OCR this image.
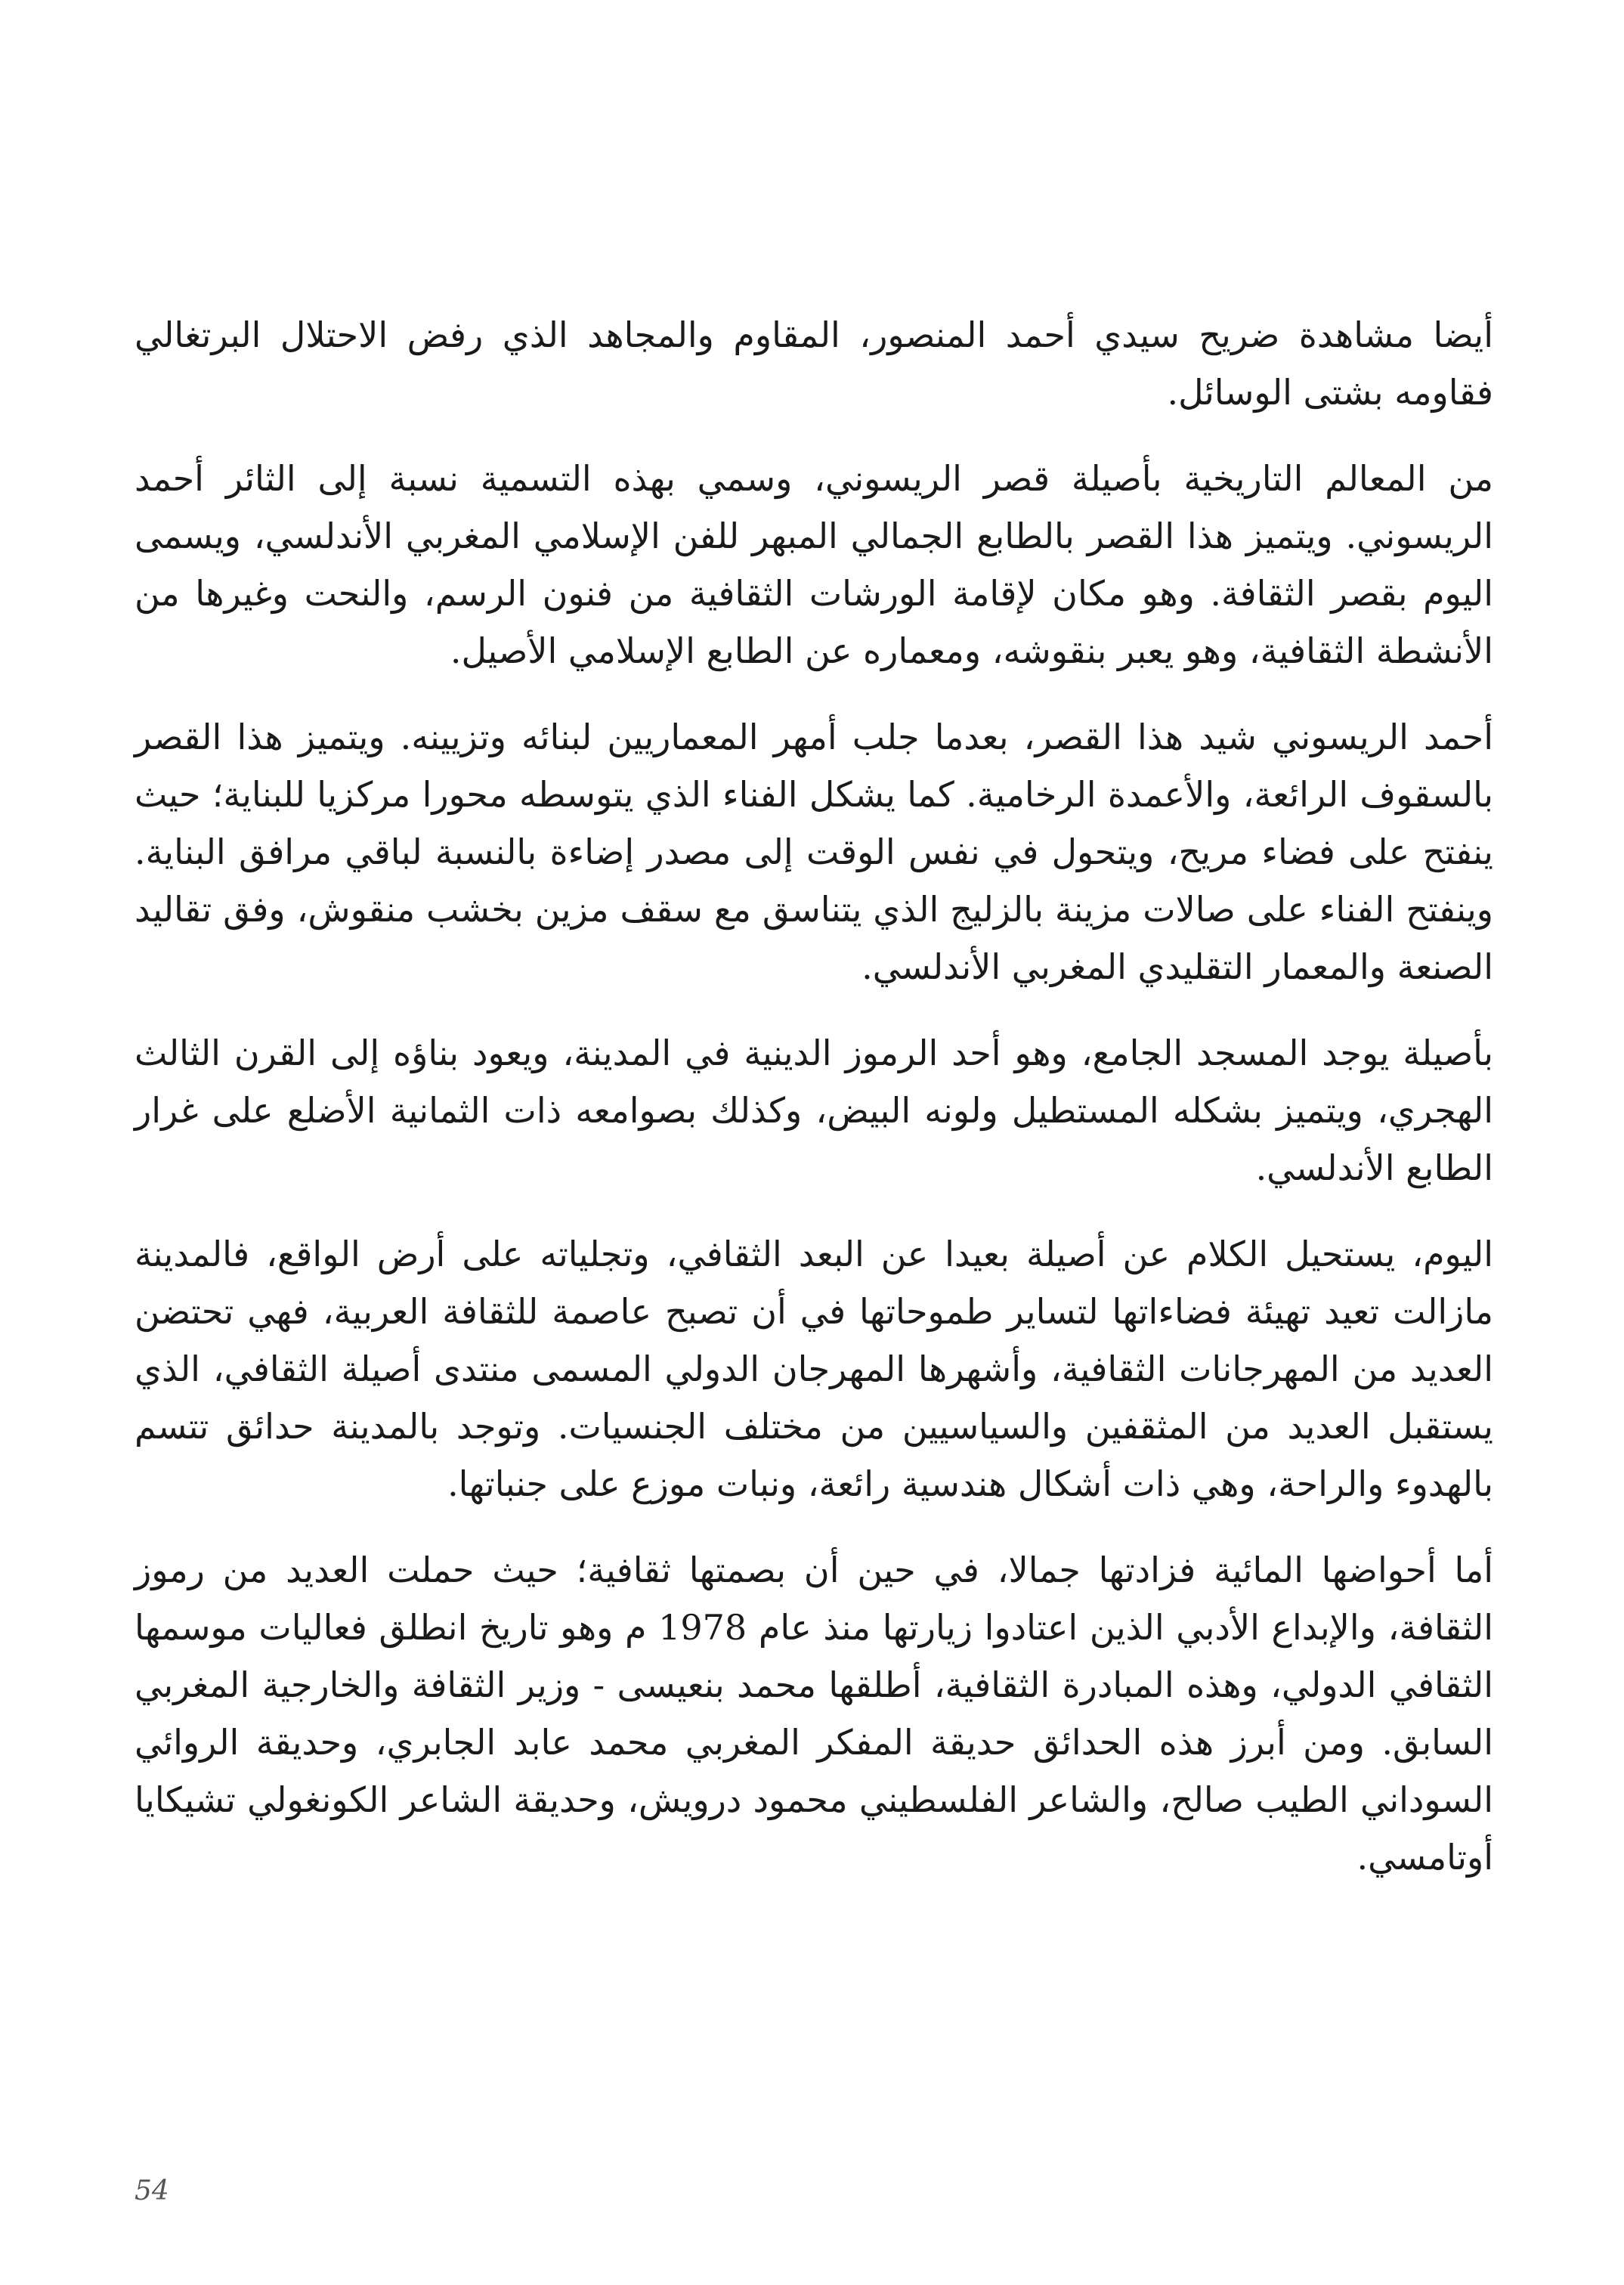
أيضا مشاهدة ضريح سيدي أحمد المنصور، المقاوم والمجاهد الذي رفض الاحتلال البرتغالي فقاومه بشتى الوسائل.

من المعالم التاريخية بأصيلة قصر الريسوني، وسمي بهذه التسمية نسبة إلى الثائر أحمد الريسوني. ويتميز هذا القصر بالطابع الجمالي المبهر للفن الإسلامي المغربي الأندلسي، ويسمى اليوم بقصر الثقافة. وهو مكان لإقامة الورشات الثقافية من فنون الرسم، والنحت وغيرها من الأنشطة الثقافية، وهو يعبر بنقوشه، ومعماره عن الطابع الإسلامي الأصيل.

أحمد الريسوني شيد هذا القصر، بعدما جلب أمهر المعماريين لبنائه وتزيينه. ويتميز هذا القصر بالسقوف الرائعة، والأعمدة الرخامية. كما يشكل الفناء الذي يتوسطه محورا مركزيا للبناية؛ حيث ينفتح على فضاء مريح، ويتحول في نفس الوقت إلى مصدر إضاءة بالنسبة لباقي مرافق البناية. وينفتح الفناء على صالات مزينة بالزليج الذي يتناسق مع سقف مزين بخشب منقوش، وفق تقاليد الصنعة والمعمار التقليدي المغربي الأندلسي.

بأصيلة يوجد المسجد الجامع، وهو أحد الرموز الدينية في المدينة، ويعود بناؤه إلى القرن الثالث الهجري، ويتميز بشكله المستطيل ولونه البيض، وكذلك بصوامعه ذات الثمانية الأضلع على غرار الطابع الأندلسي.

اليوم، يستحيل الكلام عن أصيلة بعيدا عن البعد الثقافي، وتجلياته على أرض الواقع، فالمدينة مازالت تعيد تهيئة فضاءاتها لتساير طموحاتها في أن تصبح عاصمة للثقافة العربية، فهي تحتضن العديد من المهرجانات الثقافية، وأشهرها المهرجان الدولي المسمى منتدى أصيلة الثقافي، الذي يستقبل العديد من المثقفين والسياسيين من مختلف الجنسيات. وتوجد بالمدينة حدائق تتسم بالهدوء والراحة، وهي ذات أشكال هندسية رائعة، ونبات موزع على جنباتها.

أما أحواضها المائية فزادتها جمالا، في حين أن بصمتها ثقافية؛ حيث حملت العديد من رموز الثقافة، والإبداع الأدبي الذين اعتادوا زيارتها منذ عام 1978 م وهو تاريخ انطلق فعاليات موسمها الثقافي الدولي، وهذه المبادرة الثقافية، أطلقها محمد بنعيسى - وزير الثقافة والخارجية المغربي السابق. ومن أبرز هذه الحدائق حديقة المفكر المغربي محمد عابد الجابري، وحديقة الروائي السوداني الطيب صالح، والشاعر الفلسطيني محمود درويش، وحديقة الشاعر الكونغولي تشيكايا أوتامسي.

54
